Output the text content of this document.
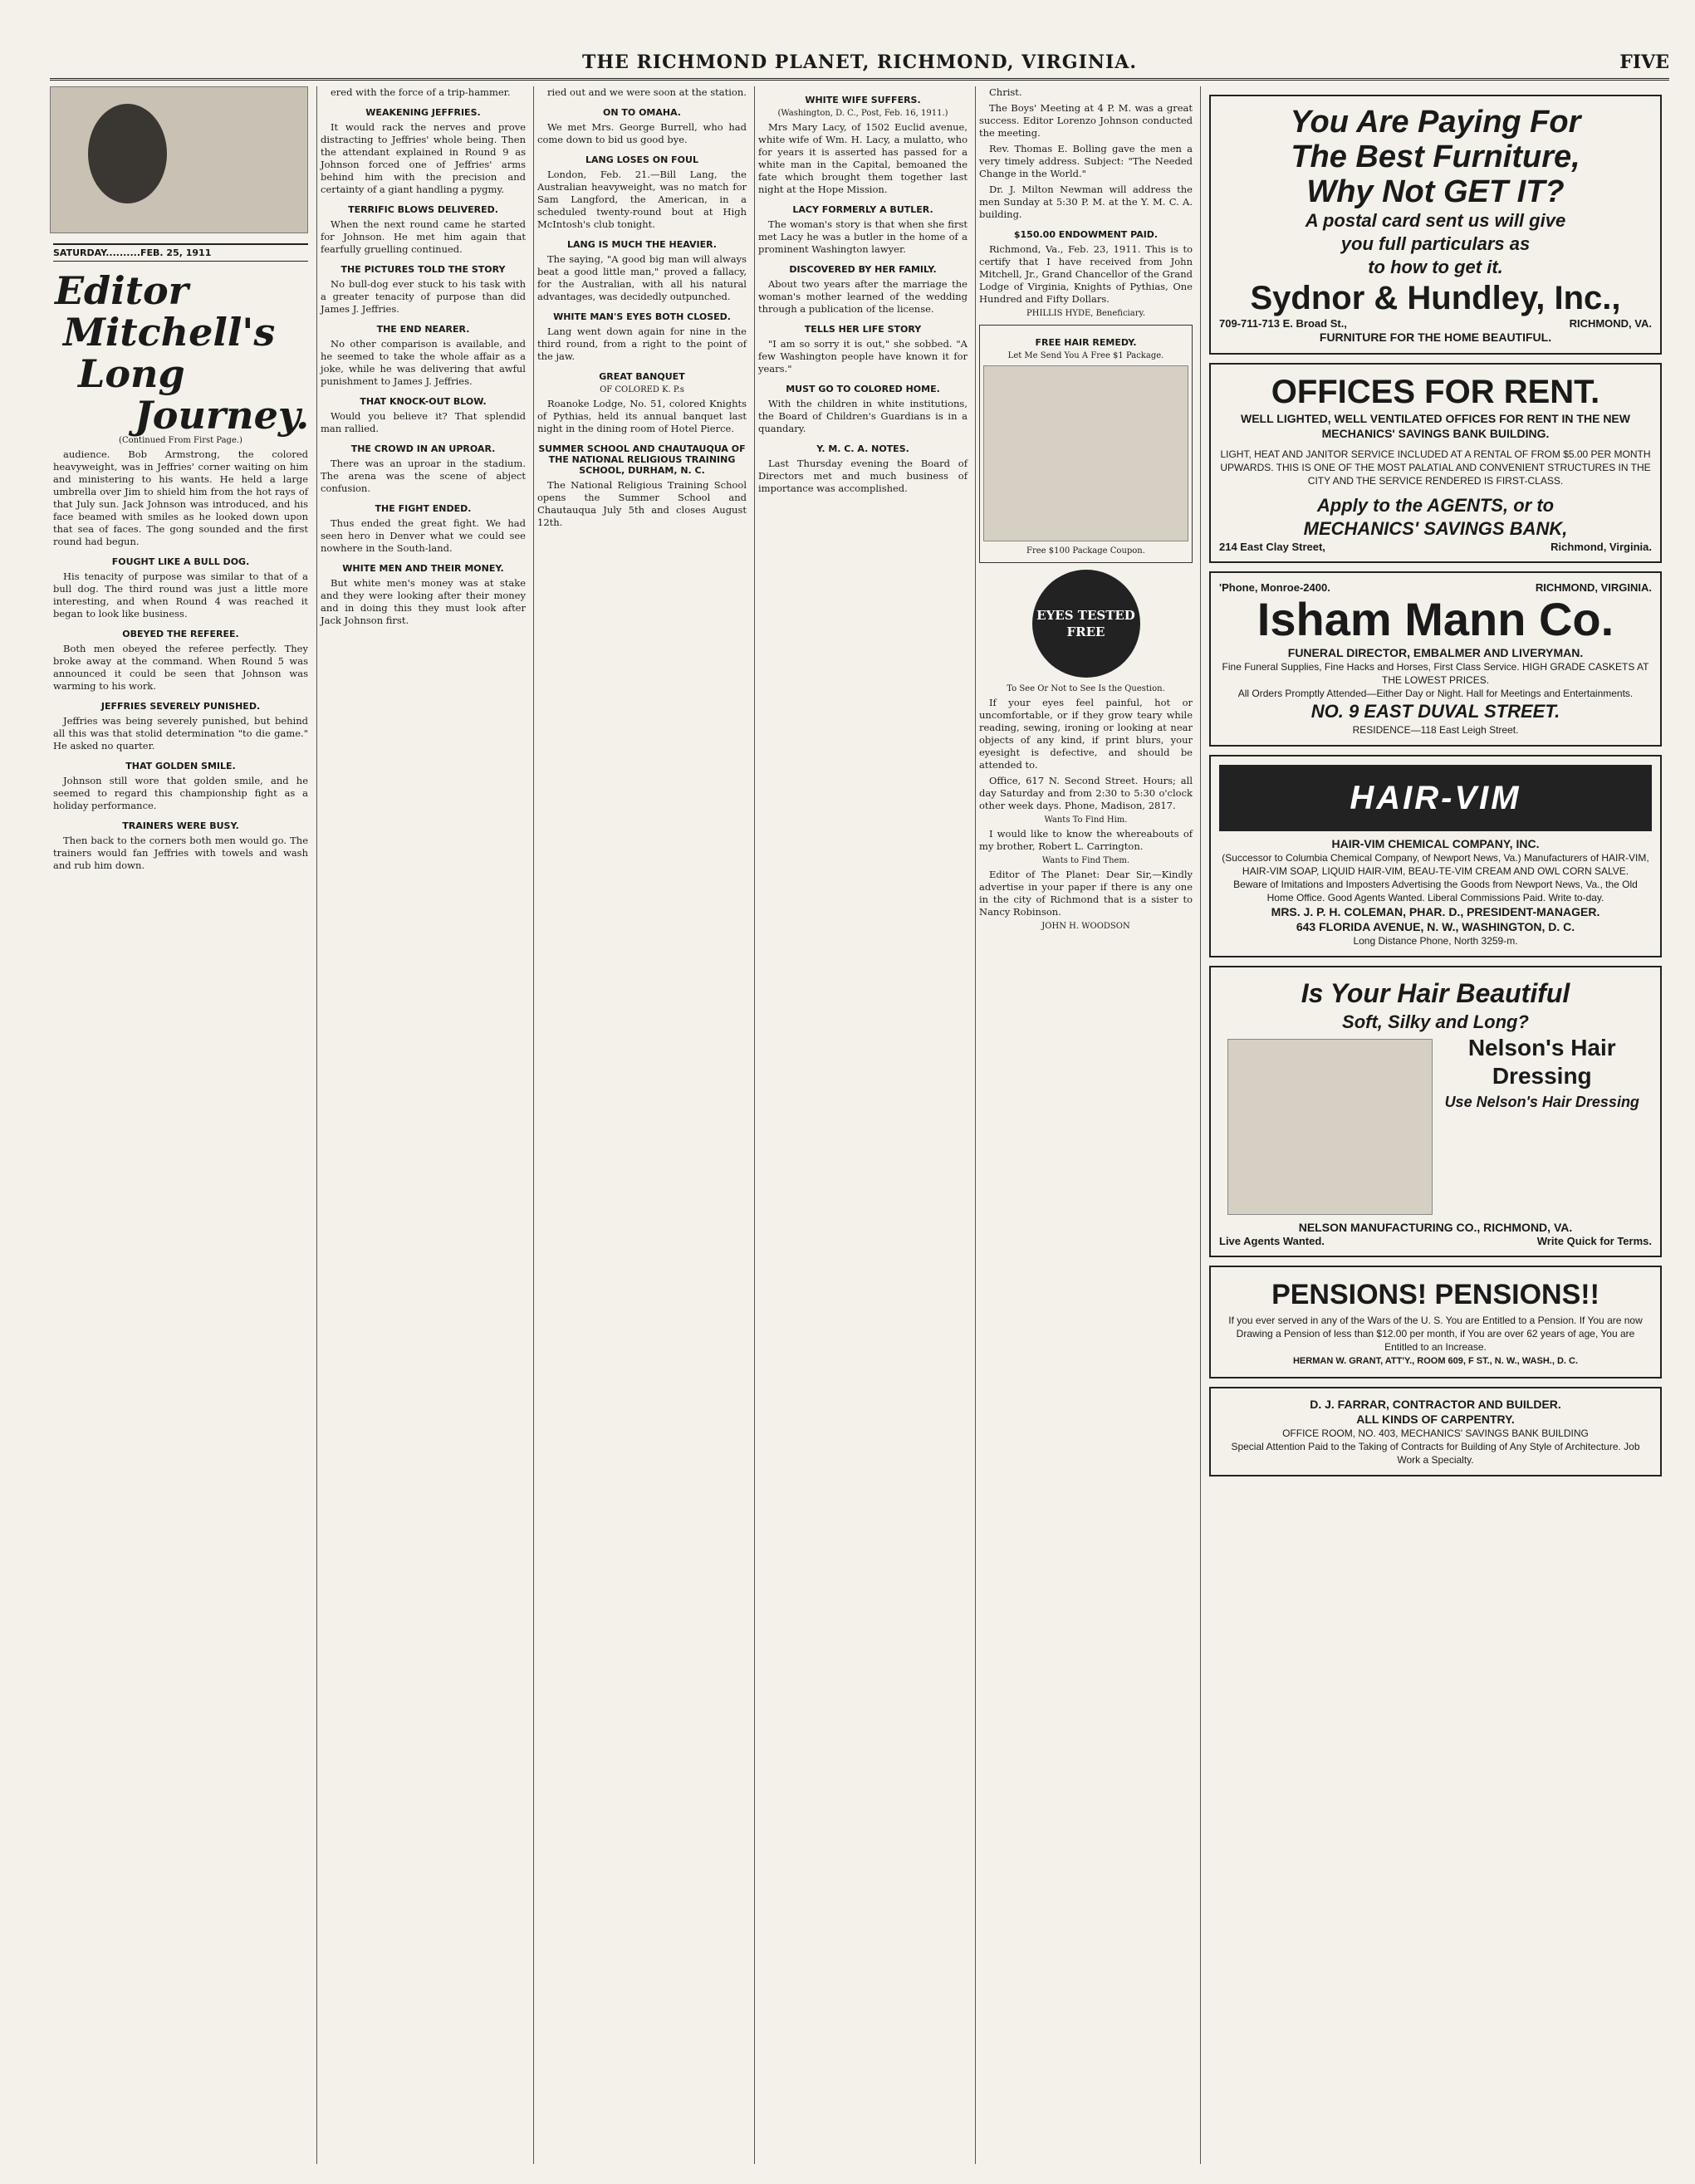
THE RICHMOND PLANET, RICHMOND, VIRGINIA.	FIVE
SATURDAY..........FEB. 25, 1911
Editor
Mitchell's
Long
Journey.
(Continued From First Page.)

audience. Bob Armstrong, the colored heavyweight, was in Jeffries' corner waiting on him and ministering to his wants. He held a large umbrella over Jim to shield him from the hot rays of that July sun. Jack Johnson was introduced, and his face beamed with smiles as he looked down upon that sea of faces. The gong sounded and the first round had begun.

FOUGHT LIKE A BULL DOG.

His tenacity of purpose was similar to that of a bull dog. The third round was just a little more interesting, and when Round 4 was reached it began to look like business.

OBEYED THE REFEREE.

Both men obeyed the referee perfectly. They broke away at the command. When Round 5 was announced it could be seen that Johnson was warming to his work.

JEFFRIES SEVERELY PUNISHED.

Jeffries was being severely punished, but behind all this was that stolid determination "to die game." He asked no quarter.

THAT GOLDEN SMILE.

Johnson still wore that golden smile, and he seemed to regard this championship fight as a holiday performance.

TRAINERS WERE BUSY.

Then back to the corners both men would go. The trainers would fan Jeffries with towels and wash and rub him down.

ered with the force of a trip-hammer.

WEAKENING JEFFRIES.

It would rack the nerves and prove distracting to Jeffries' whole being. Then the attendant explained in Round 9 as Johnson forced one of Jeffries' arms behind him with the precision and certainty of a giant handling a pygmy.

TERRIFIC BLOWS DELIVERED.

When the next round came he started for Johnson. He met him again that fearfully gruelling continued.

THE PICTURES TOLD THE STORY

No bull-dog ever stuck to his task with a greater tenacity of purpose than did James J. Jeffries.

THE END NEARER.

No other comparison is available, and he seemed to take the whole affair as a joke, while he was delivering that awful punishment to James J. Jeffries.

THAT KNOCK-OUT BLOW.

Would you believe it? That splendid man rallied.

THE CROWD IN AN UPROAR.

There was an uproar in the stadium. The arena was the scene of abject confusion.

THE FIGHT ENDED.

Thus ended the great fight. We had seen hero in Denver what we could see nowhere in the South-land.

WHITE MEN AND THEIR MONEY.

But white men's money was at stake and they were looking after their money and in doing this they must look after Jack Johnson first.

ried out and we were soon at the station.

ON TO OMAHA.

We met Mrs. George Burrell, who had come down to bid us good bye.

LANG LOSES ON FOUL

London, Feb. 21.—Bill Lang, the Australian heavyweight, was no match for Sam Langford, the American, in a scheduled twenty-round bout at High McIntosh's club tonight.

LANG IS MUCH THE HEAVIER.

The saying, "A good big man will always beat a good little man," proved a fallacy, for the Australian, with all his natural advantages, was decidedly outpunched.

WHITE MAN'S EYES BOTH CLOSED.

Lang went down again for nine in the third round, from a right to the point of the jaw.

GREAT BANQUET
OF COLORED K. P.s

Roanoke Lodge, No. 51, colored Knights of Pythias, held its annual banquet last night in the dining room of Hotel Pierce.

SUMMER SCHOOL AND CHAUTAUQUA OF THE NATIONAL RELIGIOUS TRAINING SCHOOL, DURHAM, N. C.

The National Religious Training School opens the Summer School and Chautauqua July 5th and closes August 12th.

WHITE WIFE SUFFERS.
(Washington, D. C., Post, Feb. 16, 1911.)

Mrs Mary Lacy, of 1502 Euclid avenue, white wife of Wm. H. Lacy, a mulatto, who for years it is asserted has passed for a white man in the Capital, bemoaned the fate which brought them together last night at the Hope Mission.

LACY FORMERLY A BUTLER.

The woman's story is that when she first met Lacy he was a butler in the home of a prominent Washington lawyer.

DISCOVERED BY HER FAMILY.

About two years after the marriage the woman's mother learned of the wedding through a publication of the license.

TELLS HER LIFE STORY

"I am so sorry it is out," she sobbed. "A few Washington people have known it for years."

MUST GO TO COLORED HOME.

With the children in white institutions, the Board of Children's Guardians is in a quandary.

Y. M. C. A. NOTES.

Last Thursday evening the Board of Directors met and much business of importance was accomplished.

Christ.

The Boys' Meeting at 4 P. M. was a great success. Editor Lorenzo Johnson conducted the meeting.

Rev. Thomas E. Bolling gave the men a very timely address. Subject: "The Needed Change in the World."

Dr. J. Milton Newman will address the men Sunday at 5:30 P. M. at the Y. M. C. A. building.

$150.00 ENDOWMENT PAID.

Richmond, Va., Feb. 23, 1911. This is to certify that I have received from John Mitchell, Jr., Grand Chancellor of the Grand Lodge of Virginia, Knights of Pythias, One Hundred and Fifty Dollars.

PHILLIS HYDE, Beneficiary.
FREE HAIR REMEDY.
Let Me Send You A Free $1 Package.
Free $100 Package Coupon.
EYES TESTED FREE
To See Or Not to See Is the Question.

If your eyes feel painful, hot or uncomfortable, or if they grow teary while reading, sewing, ironing or looking at near objects of any kind, if print blurs, your eyesight is defective, and should be attended to.

Office, 617 N. Second Street. Hours; all day Saturday and from 2:30 to 5:30 o'clock other week days. Phone, Madison, 2817.

Wants To Find Him.

I would like to know the whereabouts of my brother, Robert L. Carrington.

Wants to Find Them.

Editor of The Planet: Dear Sir,—Kindly advertise in your paper if there is any one in the city of Richmond that is a sister to Nancy Robinson.

JOHN H. WOODSON
You Are Paying For
The Best Furniture,
Why Not GET IT?
A postal card sent us will give
you full particulars as
to how to get it.
Sydnor & Hundley, Inc.,
709-711-713 E. Broad St.,	RICHMOND, VA.
FURNITURE FOR THE HOME BEAUTIFUL.
OFFICES FOR RENT.
WELL LIGHTED, WELL VENTILATED OFFICES FOR RENT IN THE NEW MECHANICS' SAVINGS BANK BUILDING.
LIGHT, HEAT AND JANITOR SERVICE INCLUDED AT A RENTAL OF FROM $5.00 PER MONTH UPWARDS. THIS IS ONE OF THE MOST PALATIAL AND CONVENIENT STRUCTURES IN THE CITY AND THE SERVICE RENDERED IS FIRST-CLASS.
Apply to the AGENTS, or to
MECHANICS' SAVINGS BANK,
214 East Clay Street,	Richmond, Virginia.
'Phone, Monroe-2400.	RICHMOND, VIRGINIA.
Isham Mann Co.
FUNERAL DIRECTOR, EMBALMER AND LIVERYMAN.
Fine Funeral Supplies, Fine Hacks and Horses, First Class Service. HIGH GRADE CASKETS AT THE LOWEST PRICES.
All Orders Promptly Attended—Either Day or Night. Hall for Meetings and Entertainments.
NO. 9 EAST DUVAL STREET.
RESIDENCE—118 East Leigh Street.
HAIR-VIM
HAIR-VIM CHEMICAL COMPANY, INC.
(Successor to Columbia Chemical Company, of Newport News, Va.) Manufacturers of HAIR-VIM, HAIR-VIM SOAP, LIQUID HAIR-VIM, BEAU-TE-VIM CREAM AND OWL CORN SALVE.
Beware of Imitations and Imposters Advertising the Goods from Newport News, Va., the Old Home Office. Good Agents Wanted. Liberal Commissions Paid. Write to-day.
MRS. J. P. H. COLEMAN, PHAR. D., PRESIDENT-MANAGER.
643 FLORIDA AVENUE, N. W., WASHINGTON, D. C.
Long Distance Phone, North 3259-m.
Is Your Hair Beautiful
Soft, Silky and Long?
Nelson's Hair Dressing
Use Nelson's Hair Dressing
NELSON MANUFACTURING CO., RICHMOND, VA.
Live Agents Wanted.	Write Quick for Terms.
PENSIONS! PENSIONS!!
If you ever served in any of the Wars of the U. S. You are Entitled to a Pension. If You are now Drawing a Pension of less than $12.00 per month, if You are over 62 years of age, You are Entitled to an Increase.
HERMAN W. GRANT, ATT'Y., ROOM 609, F ST., N. W., WASH., D. C.
D. J. FARRAR, CONTRACTOR AND BUILDER.
ALL KINDS OF CARPENTRY.
OFFICE ROOM, NO. 403, MECHANICS' SAVINGS BANK BUILDING
Special Attention Paid to the Taking of Contracts for Building of Any Style of Architecture. Job Work a Specialty.
